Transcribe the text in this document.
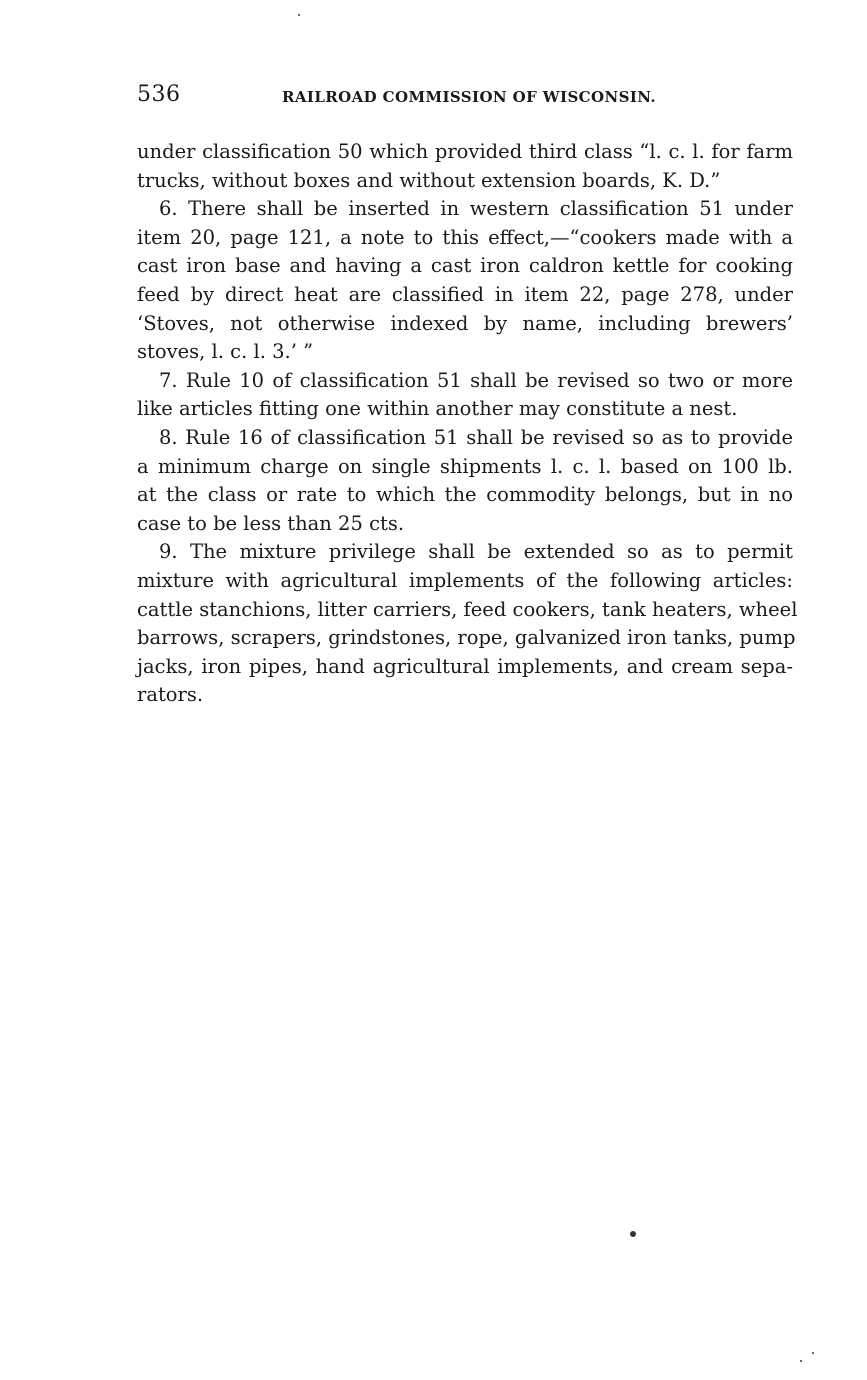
536	RAILROAD COMMISSION OF WISCONSIN.
under classification 50 which provided third class “l. c. l. for farm
trucks, without boxes and without extension boards, K. D.”
6. There shall be inserted in western classification 51 under
item 20, page 121, a note to this effect,—“cookers made with a
cast iron base and having a cast iron caldron kettle for cooking
feed by direct heat are classified in item 22, page 278, under
‘Stoves, not otherwise indexed by name, including brewers’
stoves, l. c. l. 3.’ ”
7. Rule 10 of classification 51 shall be revised so two or more
like articles fitting one within another may constitute a nest.
8. Rule 16 of classification 51 shall be revised so as to provide
a minimum charge on single shipments l. c. l. based on 100 lb.
at the class or rate to which the commodity belongs, but in no
case to be less than 25 cts.
9. The mixture privilege shall be extended so as to permit
mixture with agricultural implements of the following articles:
cattle stanchions, litter carriers, feed cookers, tank heaters, wheel
barrows, scrapers, grindstones, rope, galvanized iron tanks, pump
jacks, iron pipes, hand agricultural implements, and cream sepa-
rators.
